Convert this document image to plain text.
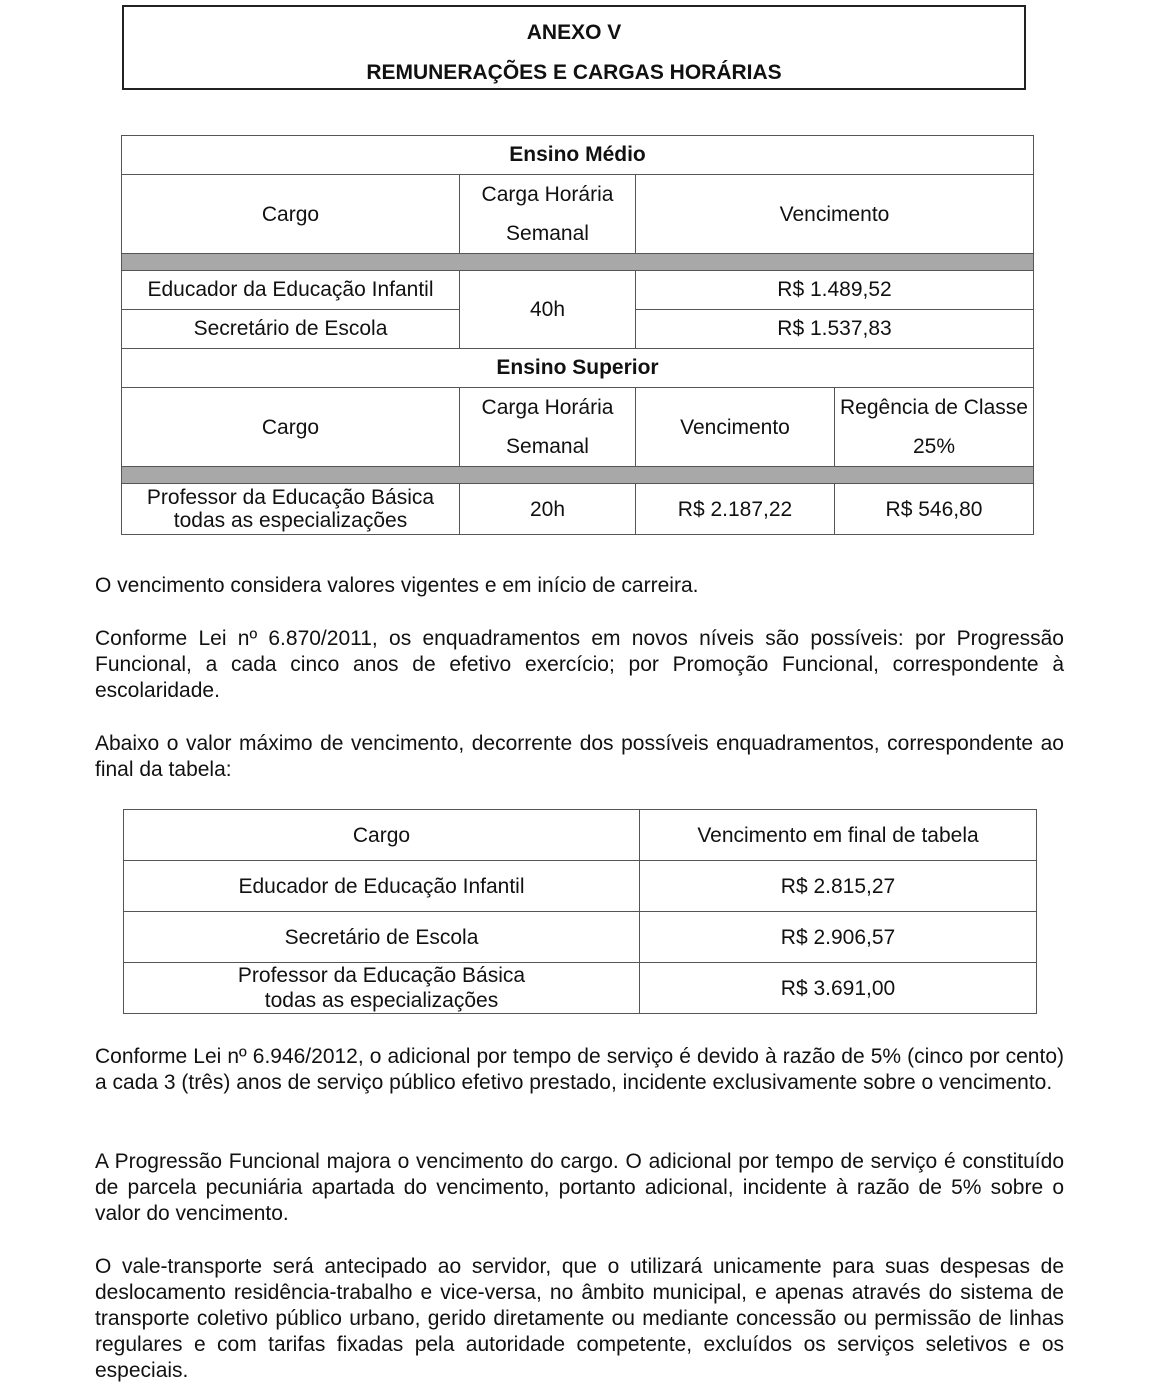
ANEXO V
REMUNERAÇÕES E CARGAS HORÁRIAS
Ensino Médio			
Cargo	Carga Horária Semanal	Vencimento	

Educador da Educação Infantil	40h	R$ 1.489,52	
Secretário de Escola		R$ 1.537,83	
Ensino Superior			
Cargo	Carga Horária Semanal	Vencimento	Regência de Classe 25%

Professor da Educação Básica
todas as especializações	20h	R$ 2.187,22	R$ 546,80

O vencimento considera valores vigentes e em início de carreira.

Conforme Lei nº 6.870/2011, os enquadramentos em novos níveis são possíveis: por Progressão Funcional, a cada cinco anos de efetivo exercício; por Promoção Funcional, correspondente à escolaridade.

Abaixo o valor máximo de vencimento, decorrente dos possíveis enquadramentos, correspondente ao final da tabela:

Cargo	Vencimento em final de tabela
Educador de Educação Infantil	R$ 2.815,27
Secretário de Escola	R$ 2.906,57
Professor da Educação Básica
todas as especializações	R$ 3.691,00

Conforme Lei nº 6.946/2012, o adicional por tempo de serviço é devido à razão de 5% (cinco por cento) a cada 3 (três) anos de serviço público efetivo prestado, incidente exclusivamente sobre o vencimento.

A Progressão Funcional majora o vencimento do cargo. O adicional por tempo de serviço é constituído de parcela pecuniária apartada do vencimento, portanto adicional, incidente à razão de 5% sobre o valor do vencimento.

O vale-transporte será antecipado ao servidor, que o utilizará unicamente para suas despesas de deslocamento residência-trabalho e vice-versa, no âmbito municipal, e apenas através do sistema de transporte coletivo público urbano, gerido diretamente ou mediante concessão ou permissão de linhas regulares e com tarifas fixadas pela autoridade competente, excluídos os serviços seletivos e os especiais.
